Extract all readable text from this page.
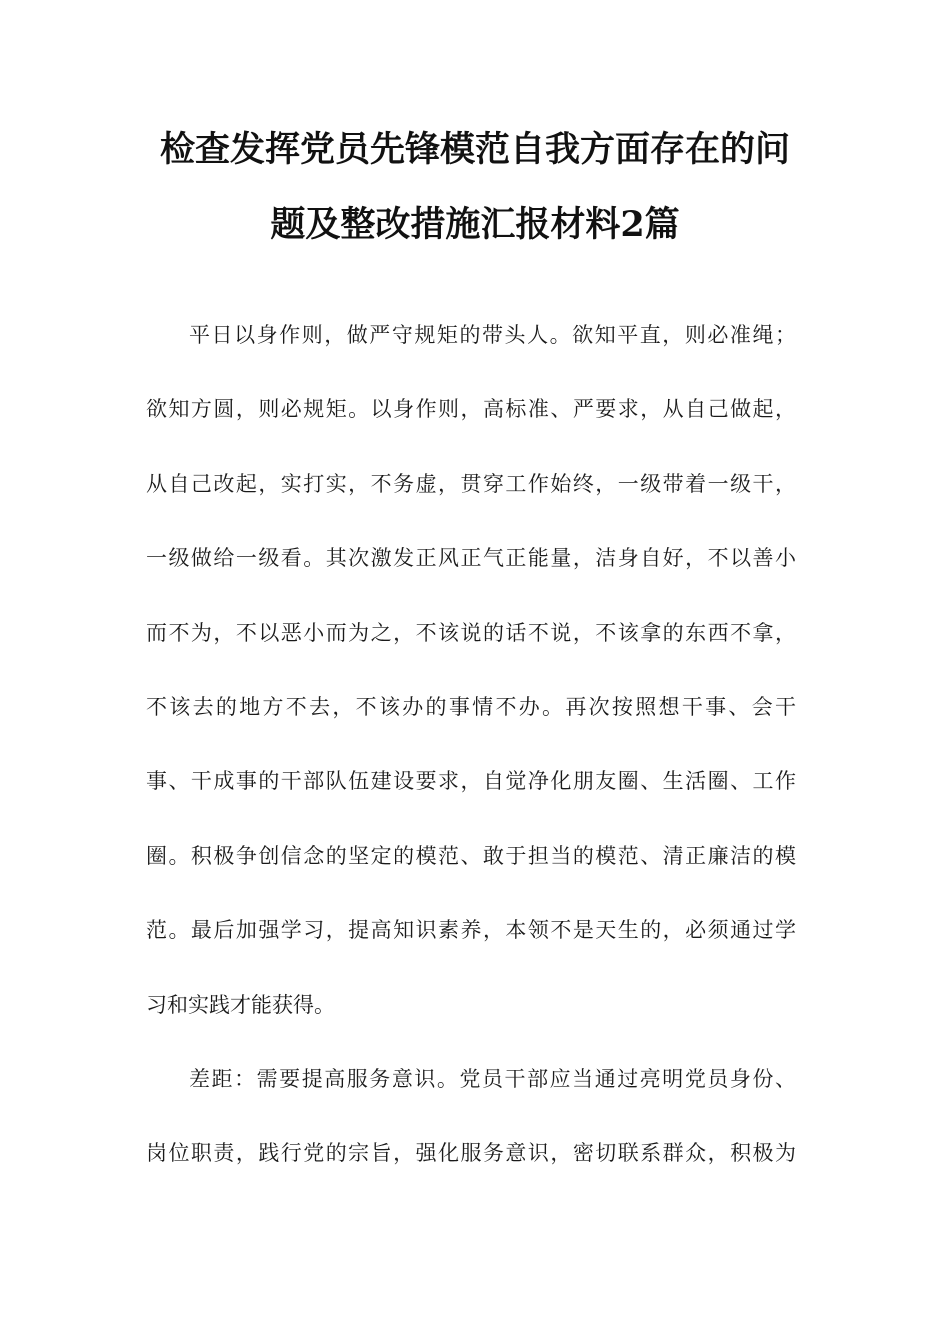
检查发挥党员先锋模范自我方面存在的问
题及整改措施汇报材料2篇
平日以身作则，做严守规矩的带头人。欲知平直，则必准绳；
欲知方圆，则必规矩。以身作则，高标准、严要求，从自己做起，
从自己改起，实打实，不务虚，贯穿工作始终，一级带着一级干，
一级做给一级看。其次激发正风正气正能量，洁身自好，不以善小
而不为，不以恶小而为之，不该说的话不说，不该拿的东西不拿，
不该去的地方不去，不该办的事情不办。再次按照想干事、会干
事、干成事的干部队伍建设要求，自觉净化朋友圈、生活圈、工作
圈。积极争创信念的坚定的模范、敢于担当的模范、清正廉洁的模
范。最后加强学习，提高知识素养，本领不是天生的，必须通过学
习和实践才能获得。
差距：需要提高服务意识。党员干部应当通过亮明党员身份、
岗位职责，践行党的宗旨，强化服务意识，密切联系群众，积极为
